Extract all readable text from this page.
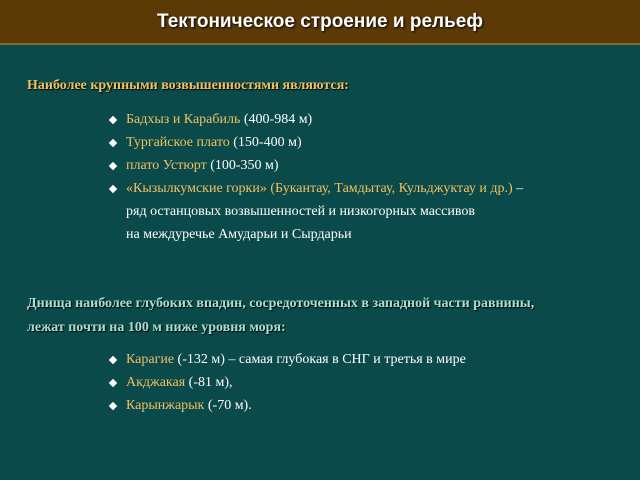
Тектоническое строение и рельеф
Наиболее крупными возвышенностями являются:
Бадхыз и Карабиль (400-984 м)
Тургайское плато (150-400 м)
плато Устюрт (100-350 м)
«Кызылкумские горки» (Букантау, Тамдытау, Кульджуктау и др.) –
ряд останцовых возвышенностей и низкогорных массивов
на междуречье Амударьи и Сырдарьи
Днища наиболее глубоких впадин, сосредоточенных в западной части равнины,
лежат почти на 100 м ниже уровня моря:
Карагие (-132 м) – самая глубокая в СНГ и третья в мире
Акджакая (-81 м),
Карынжарык (-70 м).
